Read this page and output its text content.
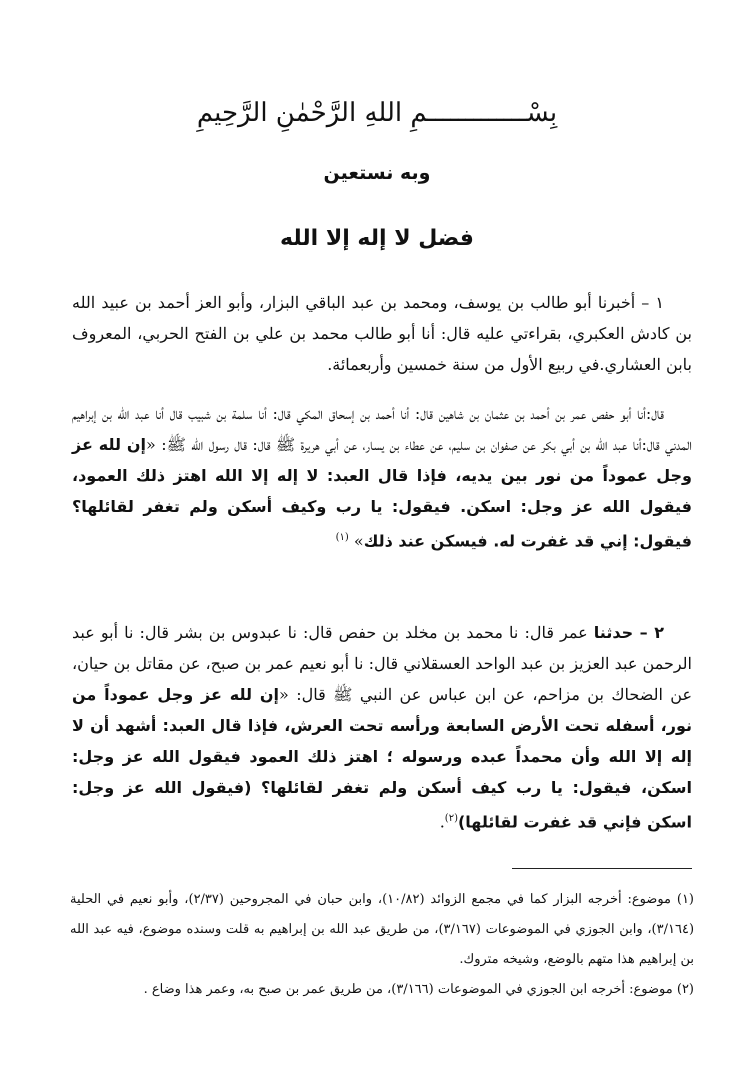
بِسْـــــــــــــمِ اللهِ الرَّحْمٰنِ الرَّحِيمِ
وبه نستعين
فضل لا إله إلا الله

١ – أخبرنا أبو طالب بن يوسف، ومحمد بن عبد الباقي البزار، وأبو العز أحمد بن عبيد الله بن كادش العكبري، بقراءتي عليه قال: أنا أبو طالب محمد بن علي بن الفتح الحربي، المعروف بابن العشاري.في ربيع الأول من سنة خمسين وأربعمائة.

قال:أنا أبو حفص عمر بن أحمد بن عثمان بن شاهين قال: أنا أحمد بن إسحاق المكي قال: أنا سلمة بن شبيب قال أنا عبد الله بن إبراهيم المدني قال:أنا عبد الله بن أبي بكر عن صفوان بن سليم، عن عطاء بن يسار، عن أبي هريرة ﷺ قال: قال رسول الله ﷺ: «إن لله عز وجل عموداً من نور بين يديه، فإذا قال العبد: لا إله إلا الله اهتز ذلك العمود، فيقول الله عز وجل: اسكن. فيقول: يا رب وكيف أسكن ولم تغفر لقائلها؟ فيقول: إني قد غفرت له. فيسكن عند ذلك» $^{(١)}$

٢ – حدثنا عمر قال: نا محمد بن مخلد بن حفص قال: نا عبدوس بن بشر قال: نا أبو عبد الرحمن عبد العزيز بن عبد الواحد العسقلاني قال: نا أبو نعيم عمر بن صبح، عن مقاتل بن حيان، عن الضحاك بن مزاحم، عن ابن عباس عن النبي ﷺ قال: «إن لله عز وجل عموداً من نور، أسفله تحت الأرض السابعة ورأسه تحت العرش، فإذا قال العبد: أشهد أن لا إله إلا الله وأن محمداً عبده ورسوله ؛ اهتز ذلك العمود فيقول الله عز وجل: اسكن، فيقول: يا رب كيف أسكن ولم تغفر لقائلها؟ (فيقول الله عز وجل: اسكن فإني قد غفرت لقائلها)$^{(٢)}$.

(١) موضوع: أخرجه البزار كما في مجمع الزوائد (١٠/٨٢)، وابن حبان في المجروحين (٢/٣٧)، وأبو نعيم في الحلية (٣/١٦٤)، وابن الجوزي في الموضوعات (٣/١٦٧)، من طريق عبد الله بن إبراهيم به قلت وسنده موضوع، فيه عبد الله بن إبراهيم هذا متهم بالوضع، وشيخه متروك.

(٢) موضوع: أخرجه ابن الجوزي في الموضوعات (٣/١٦٦)، من طريق عمر بن صبح به، وعمر هذا وضاع .
